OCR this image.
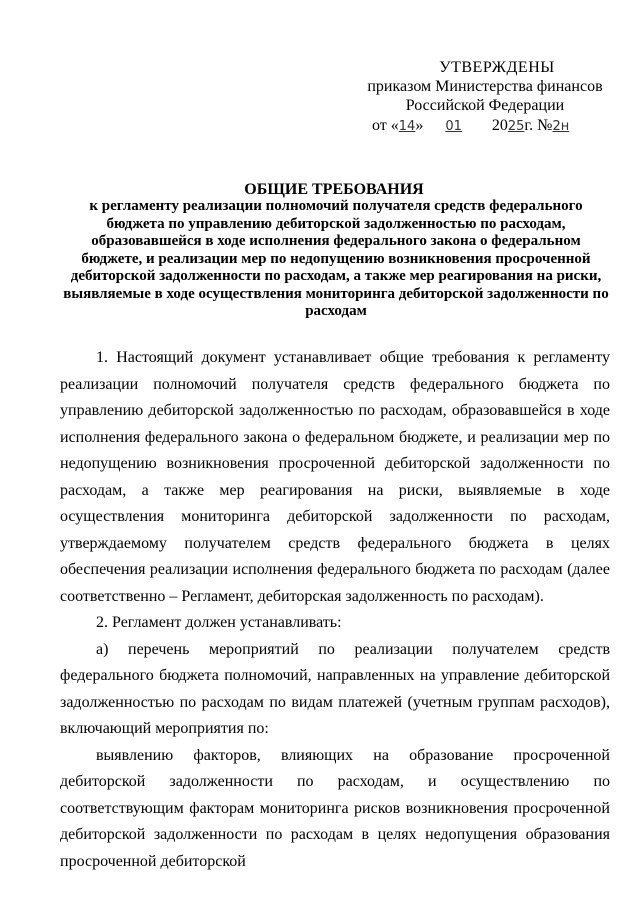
УТВЕРЖДЕНЫ
приказом Министерства финансов
Российской Федерации
от «14» 01 2025г. №2н
ОБЩИЕ ТРЕБОВАНИЯ
к регламенту реализации полномочий получателя средств федерального бюджета по управлению дебиторской задолженностью по расходам, образовавшейся в ходе исполнения федерального закона о федеральном бюджете, и реализации мер по недопущению возникновения просроченной дебиторской задолженности по расходам, а также мер реагирования на риски, выявляемые в ходе осуществления мониторинга дебиторской задолженности по расходам

1. Настоящий документ устанавливает общие требования к регламенту реализации полномочий получателя средств федерального бюджета по управлению дебиторской задолженностью по расходам, образовавшейся в ходе исполнения федерального закона о федеральном бюджете, и реализации мер по недопущению возникновения просроченной дебиторской задолженности по расходам, а также мер реагирования на риски, выявляемые в ходе осуществления мониторинга дебиторской задолженности по расходам, утверждаемому получателем средств федерального бюджета в целях обеспечения реализации исполнения федерального бюджета по расходам (далее соответственно – Регламент, дебиторская задолженность по расходам).

2. Регламент должен устанавливать:

а) перечень мероприятий по реализации получателем средств федерального бюджета полномочий, направленных на управление дебиторской задолженностью по расходам по видам платежей (учетным группам расходов), включающий мероприятия по:

выявлению факторов, влияющих на образование просроченной дебиторской задолженности по расходам, и осуществлению по соответствующим факторам мониторинга рисков возникновения просроченной дебиторской задолженности по расходам в целях недопущения образования просроченной дебиторской
